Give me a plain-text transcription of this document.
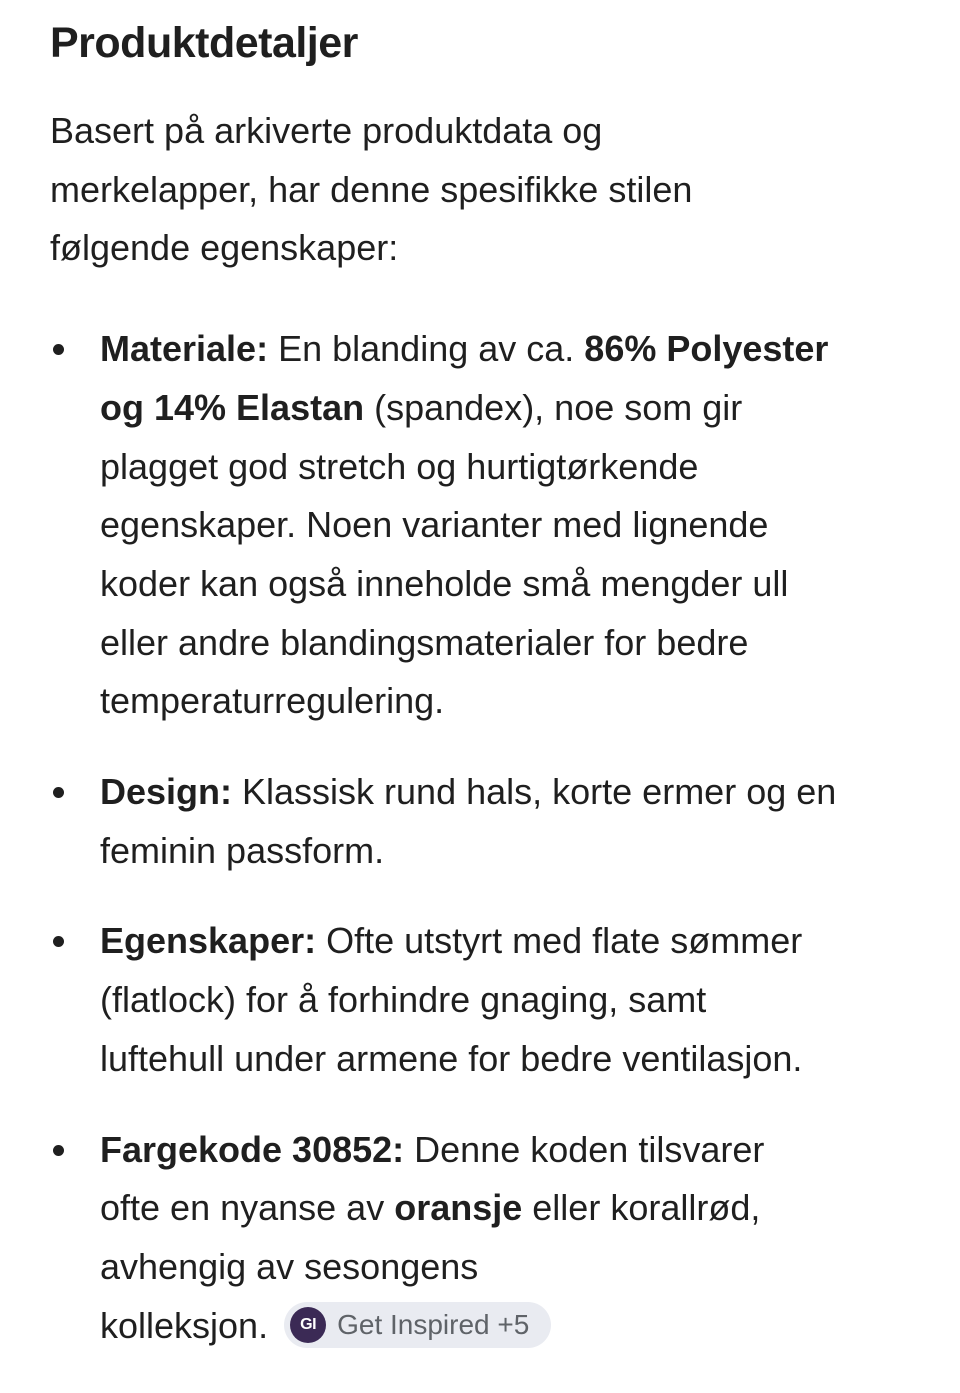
Produktdetaljer
Basert på arkiverte produktdata og
merkelapper, har denne spesifikke stilen
følgende egenskaper:
Materiale: En blanding av ca. 86% Polyester
og 14% Elastan (spandex), noe som gir
plagget god stretch og hurtigtørkende
egenskaper. Noen varianter med lignende
koder kan også inneholde små mengder ull
eller andre blandingsmaterialer for bedre
temperaturregulering.
Design: Klassisk rund hals, korte ermer og en
feminin passform.
Egenskaper: Ofte utstyrt med flate sømmer
(flatlock) for å forhindre gnaging, samt
luftehull under armene for bedre ventilasjon.
Fargekode 30852: Denne koden tilsvarer
ofte en nyanse av oransje eller korallrød,
avhengig av sesongens
kolleksjon.	GI Get Inspired +5
